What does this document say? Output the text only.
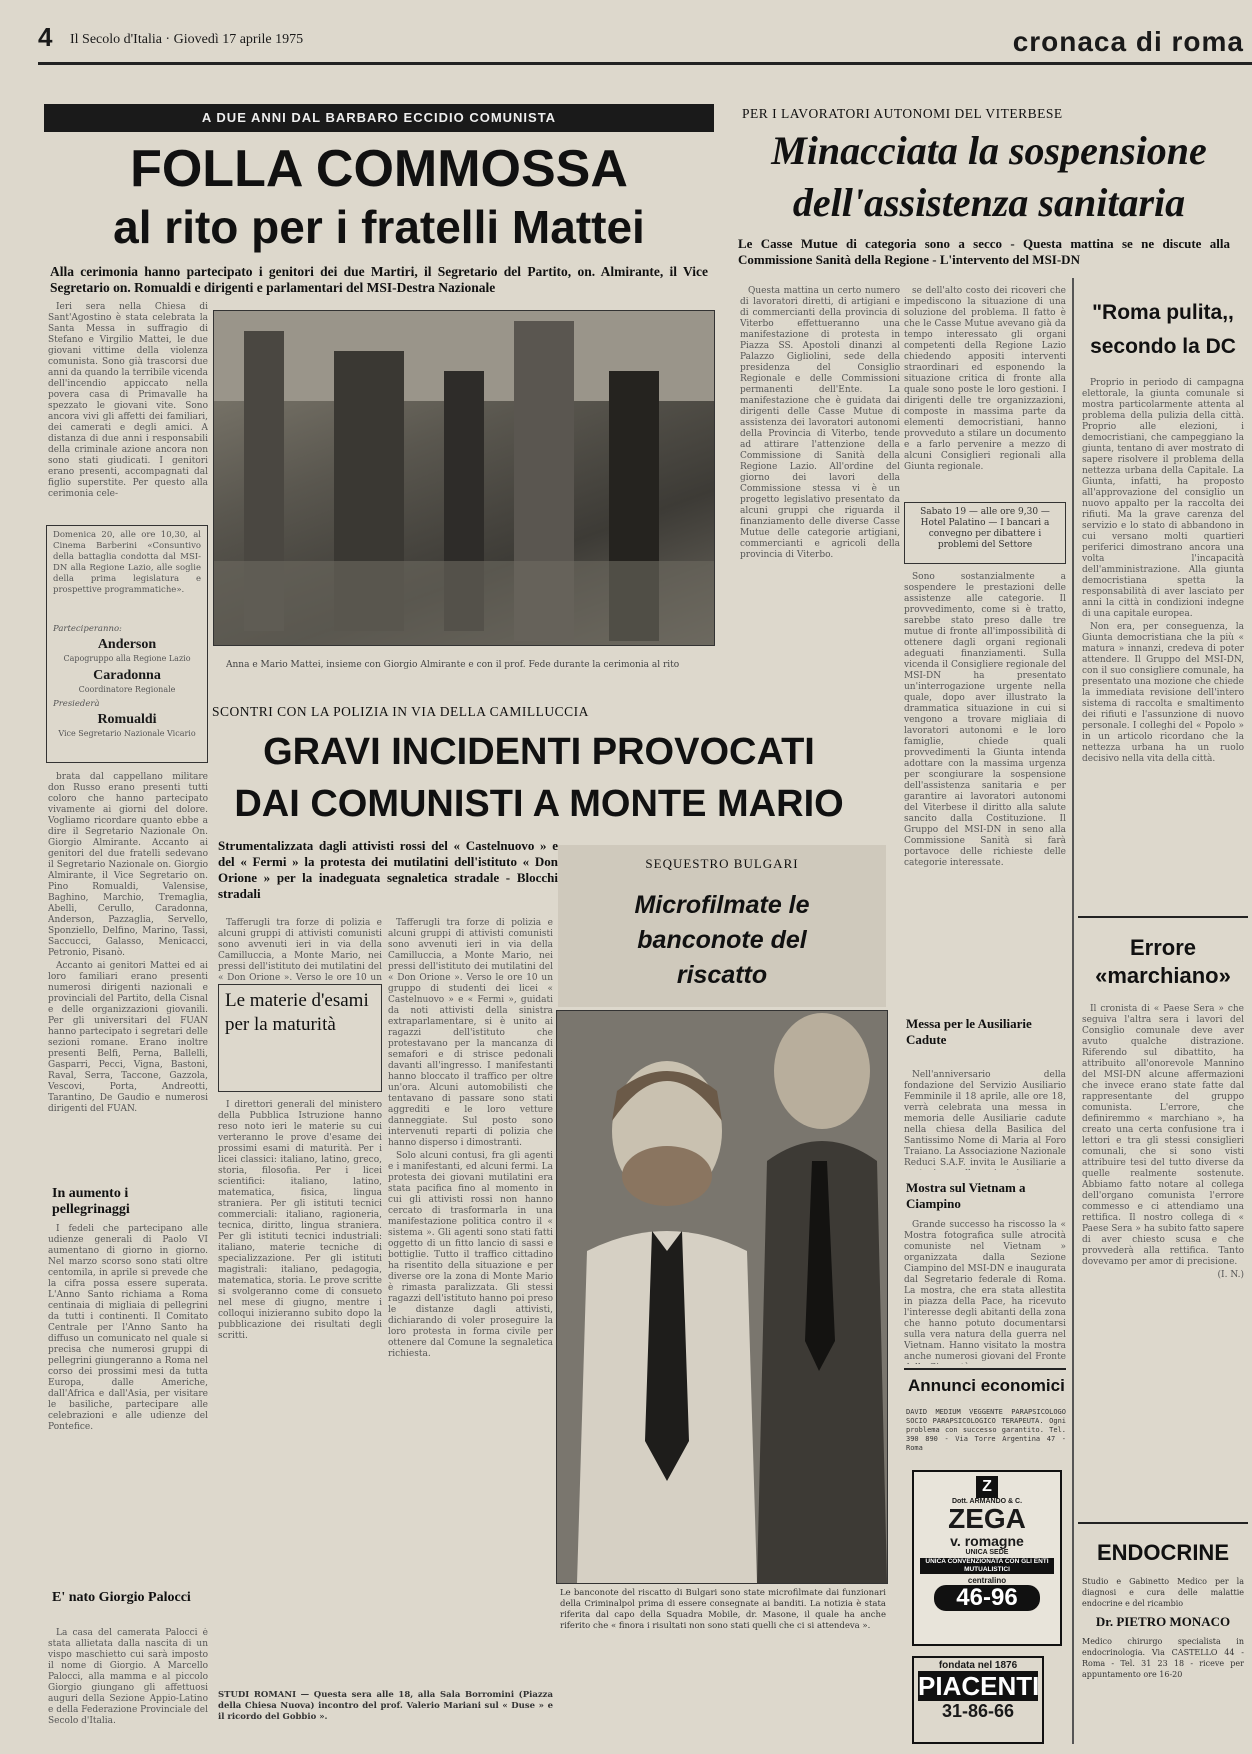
4 Il Secolo d'Italia · Giovedì 17 aprile 1975	cronaca di roma
A DUE ANNI DAL BARBARO ECCIDIO COMUNISTA
FOLLA COMMOSSA
al rito per i fratelli Mattei
Alla cerimonia hanno partecipato i genitori dei due Martiri, il Segretario del Partito, on. Almirante, il Vice Segretario on. Romualdi e dirigenti e parlamentari del MSI-Destra Nazionale

Ieri sera nella Chiesa di Sant'Agostino è stata celebrata la Santa Messa in suffragio di Stefano e Virgilio Mattei, le due giovani vittime della violenza comunista. Sono già trascorsi due anni da quando la terribile vicenda dell'incendio appiccato nella povera casa di Primavalle ha spezzato le giovani vite. Sono ancora vivi gli affetti dei familiari, dei camerati e degli amici. A distanza di due anni i responsabili della criminale azione ancora non sono stati giudicati. I genitori erano presenti, accompagnati dal figlio superstite. Per questo alla cerimonia cele-

Anna e Mario Mattei, insieme con Giorgio Almirante e con il prof. Fede durante la cerimonia al rito
Domenica 20, alle ore 10,30, al Cinema Barberini «Consuntivo della battaglia condotta dal MSI-DN alla Regione Lazio, alle soglie della prima legislatura e prospettive programmatiche».
Parteciperanno:
Anderson
Capogruppo alla Regione Lazio
Caradonna
Coordinatore Regionale
Presiederà
Romualdi
Vice Segretario Nazionale Vicario

brata dal cappellano militare don Russo erano presenti tutti coloro che hanno partecipato vivamente ai giorni del dolore. Vogliamo ricordare quanto ebbe a dire il Segretario Nazionale On. Giorgio Almirante. Accanto ai genitori del due fratelli sedevano il Segretario Nazionale on. Giorgio Almirante, il Vice Segretario on. Pino Romualdi, Valensise, Baghino, Marchio, Tremaglia, Abelli, Cerullo, Caradonna, Anderson, Pazzaglia, Servello, Sponziello, Delfino, Marino, Tassi, Saccucci, Galasso, Menicacci, Petronio, Pisanò.

Accanto ai genitori Mattei ed ai loro familiari erano presenti numerosi dirigenti nazionali e provinciali del Partito, della Cisnal e delle organizzazioni giovanili. Per gli universitari del FUAN hanno partecipato i segretari delle sezioni romane. Erano inoltre presenti Belfi, Perna, Ballelli, Gasparri, Pecci, Vigna, Bastoni, Raval, Serra, Taccone, Gazzola, Vescovi, Porta, Andreotti, Tarantino, De Gaudio e numerosi dirigenti del FUAN.

In aumento i pellegrinaggi

I fedeli che partecipano alle udienze generali di Paolo VI aumentano di giorno in giorno. Nel marzo scorso sono stati oltre centomila, in aprile si prevede che la cifra possa essere superata. L'Anno Santo richiama a Roma centinaia di migliaia di pellegrini da tutti i continenti. Il Comitato Centrale per l'Anno Santo ha diffuso un comunicato nel quale si precisa che numerosi gruppi di pellegrini giungeranno a Roma nel corso dei prossimi mesi da tutta Europa, dalle Americhe, dall'Africa e dall'Asia, per visitare le basiliche, partecipare alle celebrazioni e alle udienze del Pontefice.

E' nato Giorgio Palocci

La casa del camerata Palocci è stata allietata dalla nascita di un vispo maschietto cui sarà imposto il nome di Giorgio. A Marcello Palocci, alla mamma e al piccolo Giorgio giungano gli affettuosi auguri della Sezione Appio-Latino e della Federazione Provinciale del Secolo d'Italia.

SCONTRI CON LA POLIZIA IN VIA DELLA CAMILLUCCIA
GRAVI INCIDENTI PROVOCATI
DAI COMUNISTI A MONTE MARIO
Strumentalizzata dagli attivisti rossi del « Castelnuovo » e del « Fermi » la protesta dei mutilatini dell'istituto « Don Orione » per la inadeguata segnaletica stradale - Blocchi stradali

Tafferugli tra forze di polizia e alcuni gruppi di attivisti comunisti sono avvenuti ieri in via della Camilluccia, a Monte Mario, nei pressi dell'istituto dei mutilatini del « Don Orione ». Verso le ore 10 un

Tafferugli tra forze di polizia e alcuni gruppi di attivisti comunisti sono avvenuti ieri in via della Camilluccia, a Monte Mario, nei pressi dell'istituto dei mutilatini del « Don Orione ». Verso le ore 10 un gruppo di studenti dei licei « Castelnuovo » e « Fermi », guidati da noti attivisti della sinistra extraparlamentare, si è unito ai ragazzi dell'istituto che protestavano per la mancanza di semafori e di strisce pedonali davanti all'ingresso. I manifestanti hanno bloccato il traffico per oltre un'ora. Alcuni automobilisti che tentavano di passare sono stati aggrediti e le loro vetture danneggiate. Sul posto sono intervenuti reparti di polizia che hanno disperso i dimostranti.

Solo alcuni contusi, fra gli agenti e i manifestanti, ed alcuni fermi. La protesta dei giovani mutilatini era stata pacifica fino al momento in cui gli attivisti rossi non hanno cercato di trasformarla in una manifestazione politica contro il « sistema ». Gli agenti sono stati fatti oggetto di un fitto lancio di sassi e bottiglie. Tutto il traffico cittadino ha risentito della situazione e per diverse ore la zona di Monte Mario è rimasta paralizzata. Gli stessi ragazzi dell'istituto hanno poi preso le distanze dagli attivisti, dichiarando di voler proseguire la loro protesta in forma civile per ottenere dal Comune la segnaletica richiesta.

Le materie d'esami per la maturità

I direttori generali del ministero della Pubblica Istruzione hanno reso noto ieri le materie su cui verteranno le prove d'esame dei prossimi esami di maturità. Per i licei classici: italiano, latino, greco, storia, filosofia. Per i licei scientifici: italiano, latino, matematica, fisica, lingua straniera. Per gli istituti tecnici commerciali: italiano, ragioneria, tecnica, diritto, lingua straniera. Per gli istituti tecnici industriali: italiano, materie tecniche di specializzazione. Per gli istituti magistrali: italiano, pedagogia, matematica, storia. Le prove scritte si svolgeranno come di consueto nel mese di giugno, mentre i colloqui inizieranno subito dopo la pubblicazione dei risultati degli scritti.

STUDI ROMANI — Questa sera alle 18, alla Sala Borromini (Piazza della Chiesa Nuova) incontro del prof. Valerio Mariani sul « Duse » e il ricordo del Gobbio ».
SEQUESTRO BULGARI
Microfilmate le banconote del riscatto
Le banconote del riscatto di Bulgari sono state microfilmate dai funzionari della Criminalpol prima di essere consegnate ai banditi. La notizia è stata riferita dal capo della Squadra Mobile, dr. Masone, il quale ha anche riferito che « finora i risultati non sono stati quelli che ci si attendeva ».
PER I LAVORATORI AUTONOMI DEL VITERBESE
Minacciata la sospensione
dell'assistenza sanitaria
Le Casse Mutue di categoria sono a secco - Questa mattina se ne discute alla Commissione Sanità della Regione - L'intervento del MSI-DN

Questa mattina un certo numero di lavoratori diretti, di artigiani e di commercianti della provincia di Viterbo effettueranno una manifestazione di protesta in Piazza SS. Apostoli dinanzi al Palazzo Gigliolini, sede della presidenza del Consiglio Regionale e delle Commissioni permanenti dell'Ente. La manifestazione che è guidata dai dirigenti delle Casse Mutue di assistenza dei lavoratori autonomi della Provincia di Viterbo, tende ad attirare l'attenzione della Commissione di Sanità della Regione Lazio. All'ordine del giorno dei lavori della Commissione stessa vi è un progetto legislativo presentato da alcuni gruppi che riguarda il finanziamento delle diverse Casse Mutue delle categorie artigiani, commercianti e agricoli della provincia di Viterbo.

se dell'alto costo dei ricoveri che impediscono la situazione di una soluzione del problema. Il fatto è che le Casse Mutue avevano già da tempo interessato gli organi competenti della Regione Lazio chiedendo appositi interventi straordinari ed esponendo la situazione critica di fronte alla quale sono poste le loro gestioni. I dirigenti delle tre organizzazioni, composte in massima parte da elementi democristiani, hanno provveduto a stilare un documento e a farlo pervenire a mezzo di alcuni Consiglieri regionali alla Giunta regionale.

Sabato 19 — alle ore 9,30 — Hotel Palatino — I bancari a convegno per dibattere i problemi del Settore

Sono sostanzialmente a sospendere le prestazioni delle assistenze alle categorie. Il provvedimento, come si è tratto, sarebbe stato preso dalle tre mutue di fronte all'impossibilità di ottenere dagli organi regionali adeguati finanziamenti. Sulla vicenda il Consigliere regionale del MSI-DN ha presentato un'interrogazione urgente nella quale, dopo aver illustrato la drammatica situazione in cui si vengono a trovare migliaia di lavoratori autonomi e le loro famiglie, chiede quali provvedimenti la Giunta intenda adottare con la massima urgenza per scongiurare la sospensione dell'assistenza sanitaria e per garantire ai lavoratori autonomi del Viterbese il diritto alla salute sancito dalla Costituzione. Il Gruppo del MSI-DN in seno alla Commissione Sanità si farà portavoce delle richieste delle categorie interessate.

Messa per le Ausiliarie Cadute

Nell'anniversario della fondazione del Servizio Ausiliario Femminile il 18 aprile, alle ore 18, verrà celebrata una messa in memoria delle Ausiliarie cadute nella chiesa della Basilica del Santissimo Nome di Maria al Foro Traiano. La Associazione Nazionale Reduci S.A.F. invita le Ausiliarie a

Mostra sul Vietnam a Ciampino

Grande successo ha riscosso la « Mostra fotografica sulle atrocità comuniste nel Vietnam » organizzata dalla Sezione Ciampino del MSI-DN e inaugurata dal Segretario federale di Roma. La mostra, che era stata allestita in piazza della Pace, ha ricevuto l'interesse degli abitanti della zona che hanno potuto documentarsi sulla vera natura della guerra nel Vietnam. Hanno visitato la mostra anche numerosi giovani del Fronte

Annunci economici
DAVID MEDIUM VEGGENTE PARAPSICOLOGO SOCIO PARAPSICOLOGICO TERAPEUTA. Ogni problema con successo garantito. Tel. 390 890 - Via Torre Argentina 47 - Roma
Z
Dott. ARMANDO & C.
ZEGA
v. romagne
UNICA SEDE
UNICA CONVENZIONATA CON GLI ENTI MUTUALISTICI
centralino
46-96
fondata nel 1876
PIACENTI
31-86-66
"Roma pulita,,
secondo la DC

Proprio in periodo di campagna elettorale, la giunta comunale si mostra particolarmente attenta al problema della pulizia della città. Proprio alle elezioni, i democristiani, che campeggiano la giunta, tentano di aver mostrato di sapere risolvere il problema della nettezza urbana della Capitale. La Giunta, infatti, ha proposto all'approvazione del consiglio un nuovo appalto per la raccolta dei rifiuti. Ma la grave carenza del servizio e lo stato di abbandono in cui versano molti quartieri periferici dimostrano ancora una volta l'incapacità dell'amministrazione. Alla giunta democristiana spetta la responsabilità di aver lasciato per anni la città in condizioni indegne di una capitale europea.

Non era, per conseguenza, la Giunta democristiana che la più « matura » innanzi, credeva di poter attendere. Il Gruppo del MSI-DN, con il suo consigliere comunale, ha presentato una mozione che chiede la immediata revisione dell'intero sistema di raccolta e smaltimento dei rifiuti e l'assunzione di nuovo personale. I colleghi del « Popolo » in un articolo ricordano che la nettezza urbana ha un ruolo decisivo nella vita della città.

Errore
«marchiano»

Il cronista di « Paese Sera » che seguiva l'altra sera i lavori del Consiglio comunale deve aver avuto qualche distrazione. Riferendo sul dibattito, ha attribuito all'onorevole Mannino del MSI-DN alcune affermazioni che invece erano state fatte dal rappresentante del gruppo comunista. L'errore, che definiremmo « marchiano », ha creato una certa confusione tra i lettori e tra gli stessi consiglieri comunali, che si sono visti attribuire tesi del tutto diverse da quelle realmente sostenute. Abbiamo fatto notare al collega dell'organo comunista l'errore commesso e ci attendiamo una rettifica. Il nostro collega di « Paese Sera » ha subito fatto sapere di aver chiesto scusa e che provvederà alla rettifica. Tanto dovevamo per amor di precisione.

(I. N.)

ENDOCRINE
Studio e Gabinetto Medico per la diagnosi e cura delle malattie endocrine e del ricambio
Dr. PIETRO MONACO
Medico chirurgo specialista in endocrinologia. Via CASTELLO 44 - Roma - Tel. 31 23 18 - riceve per appuntamento ore 16-20
